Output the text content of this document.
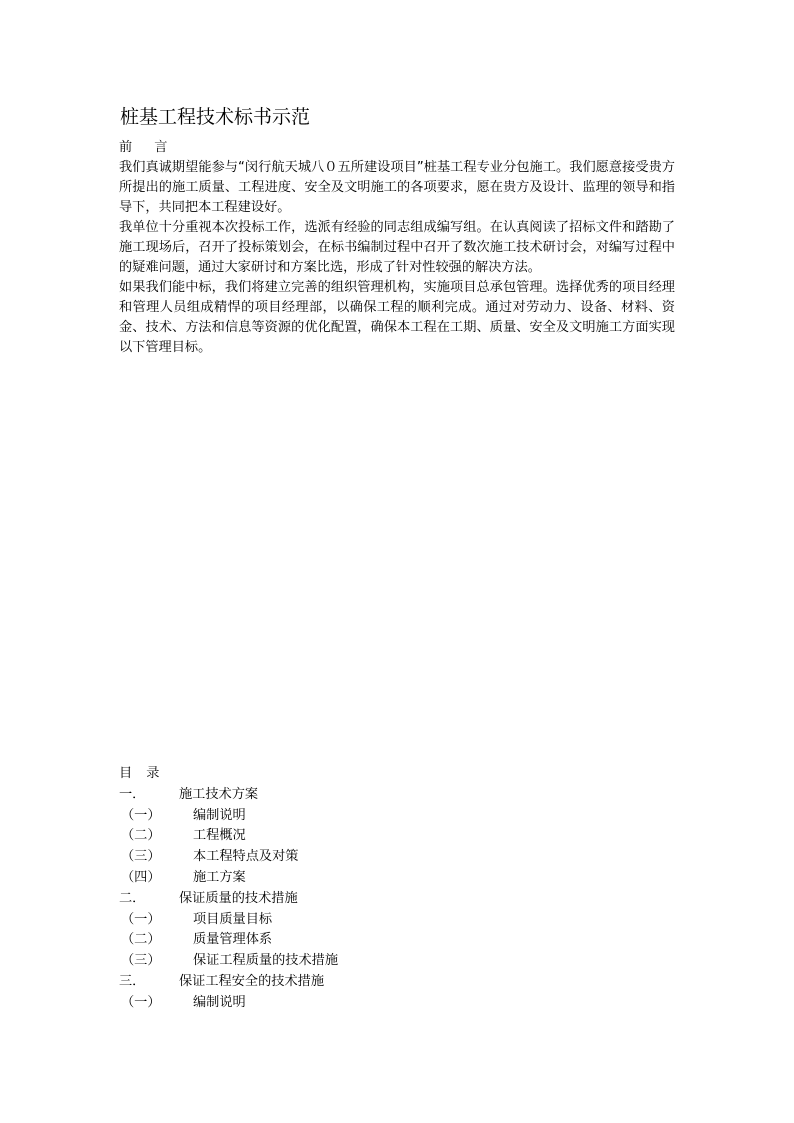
桩基工程技术标书示范

前 言

我们真诚期望能参与“闵行航天城八０五所建设项目”桩基工程专业分包施工。我们愿意接受贵方所提出的施工质量、工程进度、安全及文明施工的各项要求，愿在贵方及设计、监理的领导和指导下，共同把本工程建设好。

我单位十分重视本次投标工作，选派有经验的同志组成编写组。在认真阅读了招标文件和踏勘了施工现场后，召开了投标策划会，在标书编制过程中召开了数次施工技术研讨会，对编写过程中的疑难问题，通过大家研讨和方案比选，形成了针对性较强的解决方法。

如果我们能中标，我们将建立完善的组织管理机构，实施项目总承包管理。选择优秀的项目经理和管理人员组成精悍的项目经理部，以确保工程的顺利完成。通过对劳动力、设备、材料、资金、技术、方法和信息等资源的优化配置，确保本工程在工期、质量、安全及文明施工方面实现以下管理目标。

目 录

一．	施工技术方案
（一） 编制说明
（二） 工程概况
（三） 本工程特点及对策
（四） 施工方案
二．	保证质量的技术措施
（一） 项目质量目标
（二） 质量管理体系
（三） 保证工程质量的技术措施
三．	保证工程安全的技术措施
（一） 编制说明
